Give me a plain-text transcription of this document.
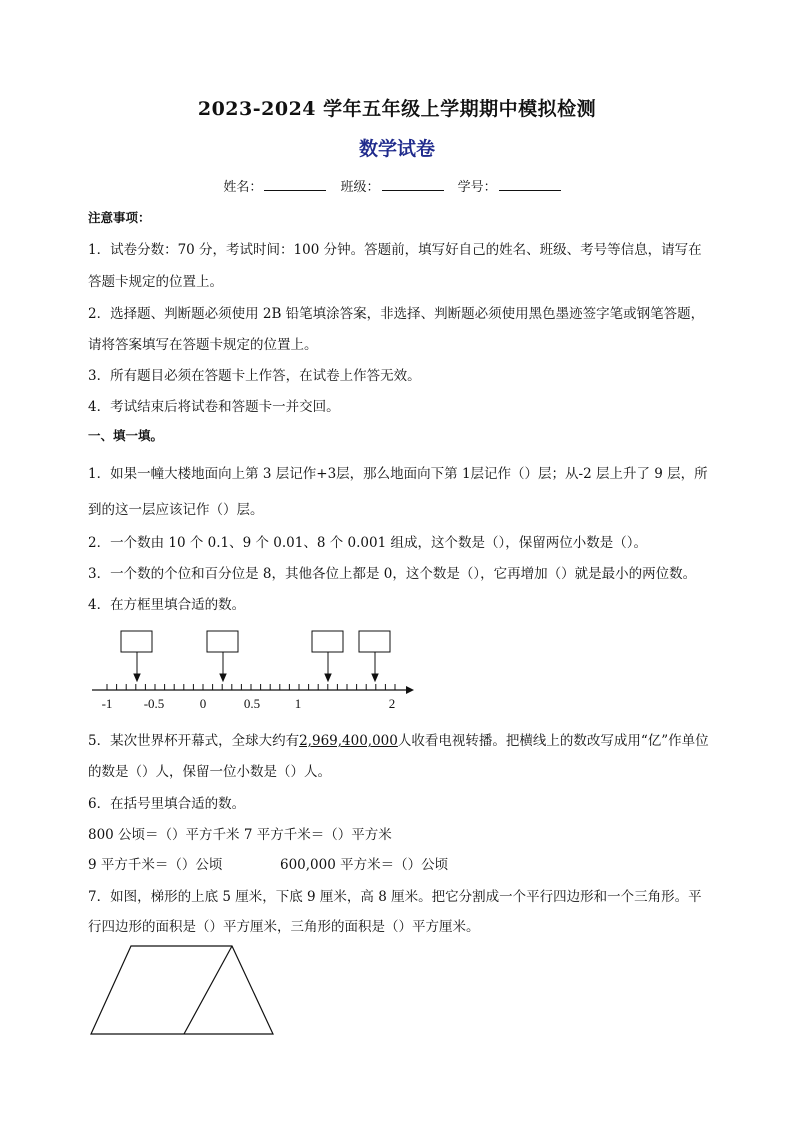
2023-2024 学年五年级上学期期中模拟检测
数学试卷
姓名：	班级：	学号：
注意事项：
1．试卷分数：70 分，考试时间：100 分钟。答题前，填写好自己的姓名、班级、考号等信息，请写在
答题卡规定的位置上。
2．选择题、判断题必须使用 2B 铅笔填涂答案，非选择、判断题必须使用黑色墨迹签字笔或钢笔答题，
请将答案填写在答题卡规定的位置上。
3．所有题目必须在答题卡上作答，在试卷上作答无效。
4．考试结束后将试卷和答题卡一并交回。
一、填一填。
1．如果一幢大楼地面向上第 3 层记作+3层，那么地面向下第 1层记作（）层；从-2 层上升了 9 层，所
到的这一层应该记作（）层。
2．一个数由 10 个 0.1、9 个 0.01、8 个 0.001 组成，这个数是（），保留两位小数是（）。
3．一个数的个位和百分位是 8，其他各位上都是 0，这个数是（），它再增加（）就是最小的两位数。
4．在方框里填合适的数。
-1 -0.5	0	0.5	1	2
5．某次世界杯开幕式，全球大约有2,969,400,000人收看电视转播。把横线上的数改写成用“亿”作单位
的数是（）人，保留一位小数是（）人。
6．在括号里填合适的数。
800 公顷＝（）平方千米 7 平方千米＝（）平方米
9 平方千米＝（）公顷	600,000 平方米＝（）公顷
7．如图，梯形的上底 5 厘米，下底 9 厘米，高 8 厘米。把它分割成一个平行四边形和一个三角形。平
行四边形的面积是（）平方厘米，三角形的面积是（）平方厘米。
